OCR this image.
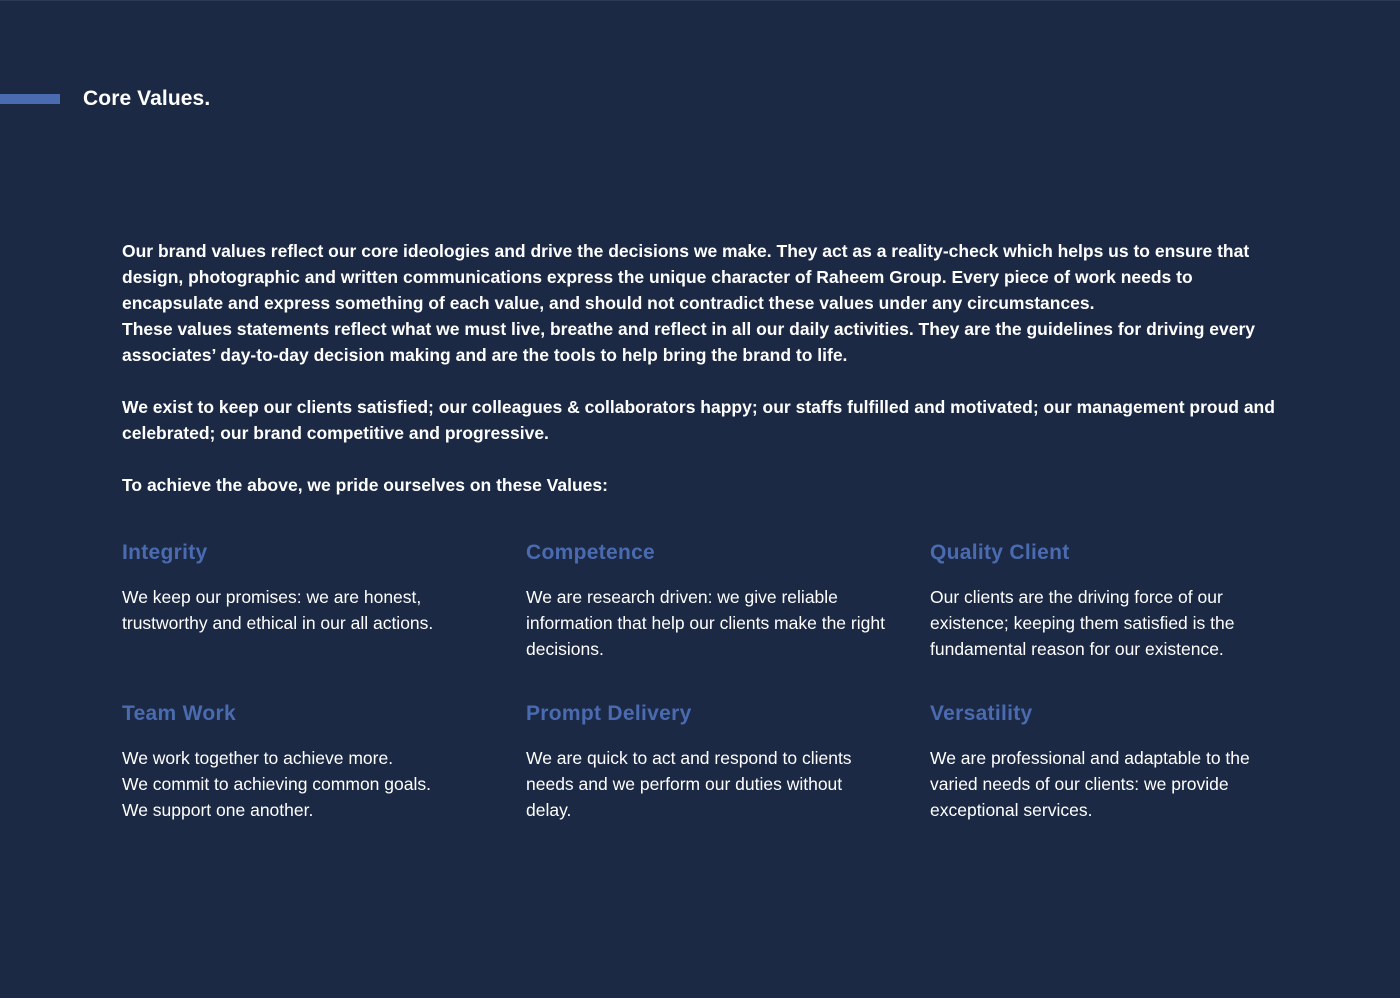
Core Values.

Our brand values reflect our core ideologies and drive the decisions we make. They act as a reality-check which helps us to ensure that design, photographic and written communications express the unique character of Raheem Group. Every piece of work needs to encapsulate and express something of each value, and should not contradict these values under any circumstances.

These values statements reflect what we must live, breathe and reflect in all our daily activities. They are the guidelines for driving every associates’ day-to-day decision making and are the tools to help bring the brand to life.

We exist to keep our clients satisfied; our colleagues & collaborators happy; our staffs fulfilled and motivated; our management proud and celebrated; our brand competitive and progressive.

To achieve the above, we pride ourselves on these Values:

Integrity

We keep our promises: we are honest, trustworthy and ethical in our all actions.

Competence

We are research driven: we give reliable information that help our clients make the right decisions.

Quality Client

Our clients are the driving force of our existence; keeping them satisfied is the fundamental reason for our existence.

Team Work

We work together to achieve more.
We commit to achieving common goals.
We support one another.

Prompt Delivery

We are quick to act and respond to clients needs and we perform our duties without delay.

Versatility

We are professional and adaptable to the varied needs of our clients: we provide exceptional services.
